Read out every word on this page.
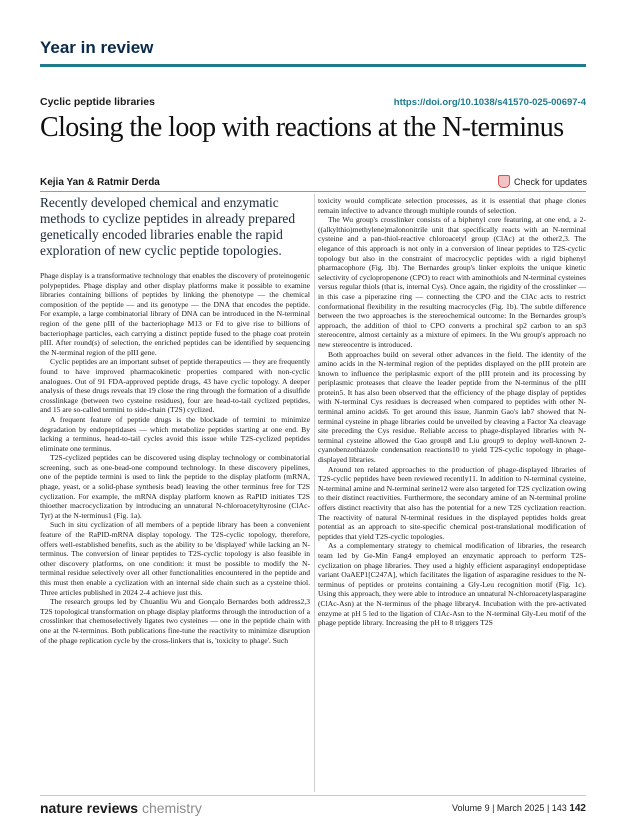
Year in review
Cyclic peptide libraries	https://doi.org/10.1038/s41570-025-00697-4
Closing the loop with reactions at the N-terminus
Kejia Yan & Ratmir Derda	Check for updates
Recently developed chemical and enzymatic methods to cyclize peptides in already prepared genetically encoded libraries enable the rapid exploration of new cyclic peptide topologies.

Phage display is a transformative technology that enables the discovery of proteinogenic polypeptides. Phage display and other display platforms make it possible to examine libraries containing billions of peptides by linking the phenotype — the chemical composition of the peptide — and its genotype — the DNA that encodes the peptide. For example, a large combinatorial library of DNA can be introduced in the N-terminal region of the gene pIII of the bacteriophage M13 or Fd to give rise to billions of bacteriophage particles, each carrying a distinct peptide fused to the phage coat protein pIII. After round(s) of selection, the enriched peptides can be identified by sequencing the N-terminal region of the pIII gene.

Cyclic peptides are an important subset of peptide therapeutics — they are frequently found to have improved pharmacokinetic properties compared with non-cyclic analogues. Out of 91 FDA-approved peptide drugs, 43 have cyclic topology. A deeper analysis of these drugs reveals that 19 close the ring through the formation of a disulfide crosslinkage (between two cysteine residues), four are head-to-tail cyclized peptides, and 15 are so-called termini to side-chain (T2S) cyclized.

A frequent feature of peptide drugs is the blockade of termini to minimize degradation by endopeptidases — which metabolize peptides starting at one end. By lacking a terminus, head-to-tail cycles avoid this issue while T2S-cyclized peptides eliminate one terminus.

T2S-cyclized peptides can be discovered using display technology or combinatorial screening, such as one-bead-one compound technology. In these discovery pipelines, one of the peptide termini is used to link the peptide to the display platform (mRNA, phage, yeast, or a solid-phase synthesis bead) leaving the other terminus free for T2S cyclization. For example, the mRNA display platform known as RaPID initiates T2S thioether macrocyclization by introducing an unnatural N-chloroacetyltyrosine (ClAc-Tyr) at the N-terminus1 (Fig. 1a).

Such in situ cyclization of all members of a peptide library has been a convenient feature of the RaPID-mRNA display topology. The T2S-cyclic topology, therefore, offers well-established benefits, such as the ability to be 'displayed' while lacking an N-terminus. The conversion of linear peptides to T2S-cyclic topology is also feasible in other discovery platforms, on one condition: it must be possible to modify the N-terminal residue selectively over all other functionalities encountered in the peptide and this must then enable a cyclization with an internal side chain such as a cysteine thiol. Three articles published in 2024 2-4 achieve just this.

The research groups led by Chuanliu Wu and Gonçalo Bernardes both address2,3 T2S topological transformation on phage display platforms through the introduction of a crosslinker that chemoselectively ligates two cysteines — one in the peptide chain with one at the N-terminus. Both publications fine-tune the reactivity to minimize disruption of the phage replication cycle by the cross-linkers that is, 'toxicity to phage'. Such

toxicity would complicate selection processes, as it is essential that phage clones remain infective to advance through multiple rounds of selection.

The Wu group's crosslinker consists of a biphenyl core featuring, at one end, a 2-((alkylthio)methylene)malononitrile unit that specifically reacts with an N-terminal cysteine and a pan-thiol-reactive chloroacetyl group (ClAc) at the other2,3. The elegance of this approach is not only in a conversion of linear peptides to T2S-cyclic topology but also in the constraint of macrocyclic peptides with a rigid biphenyl pharmacophore (Fig. 1b). The Bernardes group's linker exploits the unique kinetic selectivity of cyclopropenone (CPO) to react with aminothiols and N-terminal cysteines versus regular thiols (that is, internal Cys). Once again, the rigidity of the crosslinker — in this case a piperazine ring — connecting the CPO and the ClAc acts to restrict conformational flexibility in the resulting macrocycles (Fig. 1b). The subtle difference between the two approaches is the stereochemical outcome: In the Bernardes group's approach, the addition of thiol to CPO converts a prochiral sp2 carbon to an sp3 stereocentre, almost certainly as a mixture of epimers. In the Wu group's approach no new stereocentre is introduced.

Both approaches build on several other advances in the field. The identity of the amino acids in the N-terminal region of the peptides displayed on the pIII protein are known to influence the periplasmic export of the pIII protein and its processing by periplasmic proteases that cleave the leader peptide from the N-terminus of the pIII protein5. It has also been observed that the efficiency of the phage display of peptides with N-terminal Cys residues is decreased when compared to peptides with other N-terminal amino acids6. To get around this issue, Jianmin Gao's lab7 showed that N-terminal cysteine in phage libraries could be unveiled by cleaving a Factor Xa cleavage site preceding the Cys residue. Reliable access to phage-displayed libraries with N-terminal cysteine allowed the Gao group8 and Liu group9 to deploy well-known 2-cyanobenzothiazole condensation reactions10 to yield T2S-cyclic topology in phage-displayed libraries.

Around ten related approaches to the production of phage-displayed libraries of T2S-cyclic peptides have been reviewed recently11. In addition to N-terminal cysteine, N-terminal amine and N-terminal serine12 were also targeted for T2S cyclization owing to their distinct reactivities. Furthermore, the secondary amine of an N-terminal proline offers distinct reactivity that also has the potential for a new T2S cyclization reaction. The reactivity of natural N-terminal residues in the displayed peptides holds great potential as an approach to site-specific chemical post-translational modification of peptides that yield T2S-cyclic topologies.

As a complementary strategy to chemical modification of libraries, the research team led by Ge-Min Fang4 employed an enzymatic approach to perform T2S-cyclization on phage libraries. They used a highly efficient asparaginyl endopeptidase variant OaAEP1[C247A], which facilitates the ligation of asparagine residues to the N-terminus of peptides or proteins containing a Gly-Leu recognition motif (Fig. 1c). Using this approach, they were able to introduce an unnatural N-chloroacetylasparagine (ClAc-Asn) at the N-terminus of the phage library4. Incubation with the pre-activated enzyme at pH 5 led to the ligation of ClAc-Asn to the N-terminal Gly-Leu motif of the phage peptide library. Increasing the pH to 8 triggers T2S

nature reviews chemistry	Volume 9 | March 2025 | 143 142
